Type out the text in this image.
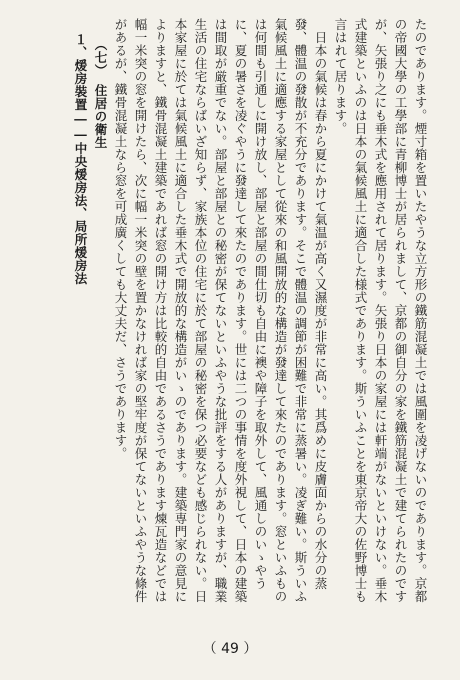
たのであります。煙寸箱を置いたやうな立方形の鐵筋混凝土では風圍を凌げないのであります。京都の帝國大學の工學部に青柳博士が居られまして、京都の御自分の家を鐵筋混凝土で建てられたのですが、矢張り之にも垂木式を應用されて居ります。矢張り日本の家屋には軒端がないといけない。垂木式建築といふのは日本の氣候風土に適合した様式であります。斯ういふことを東京帝大の佐野博士も言はれて居ります。

日本の氣候は春から夏にかけて氣温が高く又濕度が非常に高い。其爲めに皮膚面からの水分の蒸發、體温の發散が不充分であります。そこで體温の調節が困難で非常に蒸暑い。凌ぎ難い。斯ういふ氣候風土に適應する家屋として從來の和風開放的な構造が發達して來たのであります。窓といふものは何間も引通しに開け放し、部屋と部屋の間仕切も自由に襖や障子を取外して、風通しのいゝやうに、夏の暑さを凌ぐやうに發達して來たのであります。世には二つの事情を度外視して、日本の建築は間取が厳重でない。部屋と部屋との秘密が保てないといふやうな批評をする人がありますが、職業生活の住宅ならばいざ知らず、家族本位の住宅に於て部屋の秘密を保つ必要なども感じられない。日本家屋に於ては氣候風土に適合した垂木式で開放的な構造がいゝのであります。建築専門家の意見によりますと、鐵骨混凝土建築であれば窓の開け方は比較的自由であるさうであります煉瓦造などでは幅一米突の窓を開けたら、次に幅一米突の壁を置かなければ家の堅牢度が保てないといふやうな條件があるが、鐵骨混凝土なら窓を可成廣くしても大丈夫だ、さうであります。

（七）　住居の衛生

１、煖房裝置――中央煖房法、局所煖房法

（ 49 ）
